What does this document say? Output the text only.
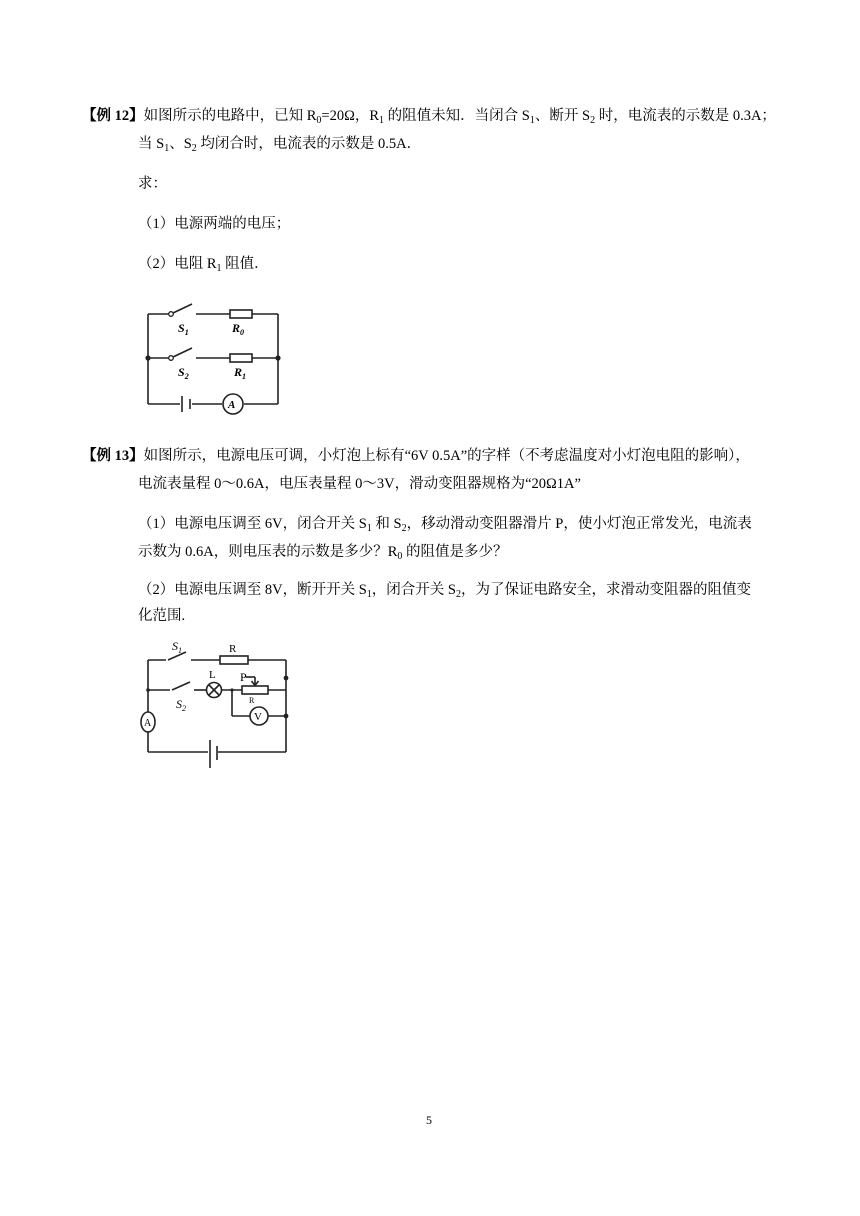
【例 12】如图所示的电路中，已知 $R_0=20\Omega$，$R_1$ 的阻值未知．当闭合 $S_1$、断开 $S_2$ 时，电流表的示数是 0.3A；
当 $S_1$、$S_2$ 均闭合时，电流表的示数是 0.5A．
求：
（1）电源两端的电压；
（2）电阻 $R_1$ 阻值．
$S_1$	$R_0$
$S_2$	$R_1$
A
【例 13】如图所示，电源电压可调，小灯泡上标有“6V 0.5A”的字样（不考虑温度对小灯泡电阻的影响），
电流表量程 0～0.6A，电压表量程 0～3V，滑动变阻器规格为“20Ω1A”
（1）电源电压调至 6V，闭合开关 $S_1$ 和 $S_2$，移动滑动变阻器滑片 P，使小灯泡正常发光，电流表
示数为 0.6A，则电压表的示数是多少？$R_0$ 的阻值是多少？
（2）电源电压调至 8V，断开开关 $S_1$，闭合开关 $S_2$，为了保证电路安全，求滑动变阻器的阻值变
化范围.
$S_1$	R
L P
R
$S_2$
A
V
5
